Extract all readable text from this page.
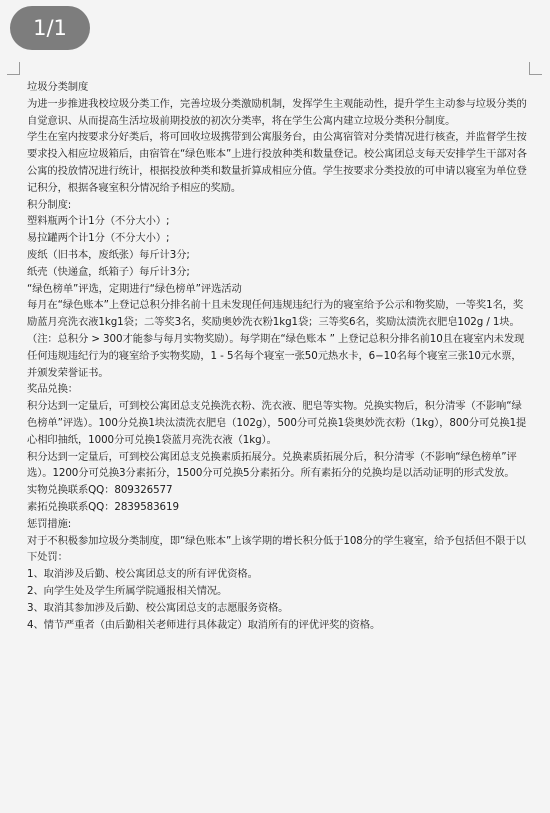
1/1

垃圾分类制度

为进一步推进我校垃圾分类工作，完善垃圾分类激励机制，发挥学生主观能动性，提升学生主动参与垃圾分类的自觉意识、从而提高生活垃圾前期投放的初次分类率，将在学生公寓内建立垃圾分类积分制度。

学生在室内按要求分好类后，将可回收垃圾携带到公寓服务台，由公寓宿管对分类情况进行核查，并监督学生按要求投入相应垃圾箱后，由宿管在“绿色账本”上进行投放种类和数量登记。校公寓团总支每天安排学生干部对各公寓的投放情况进行统计，根据投放种类和数量折算成相应分值。学生按要求分类投放的可申请以寝室为单位登记积分，根据各寝室积分情况给予相应的奖励。

积分制度:

塑料瓶两个计1分（不分大小）;

易拉罐两个计1分（不分大小）;

废纸（旧书本，废纸张）每斤计3分;

纸壳（快递盒，纸箱子）每斤计3分;

“绿色榜单”评选，定期进行“绿色榜单”评选活动

每月在“绿色账本”上登记总积分排名前十且未发现任何违规违纪行为的寝室给予公示和物奖励，一等奖1名，奖励蓝月亮洗衣液1kg1袋；二等奖3名，奖励奥妙洗衣粉1kg1袋；三等奖6名，奖励汰渍洗衣肥皂102g / 1块。（注：总积分 > 300才能参与每月实物奖励）。每学期在“绿色账本 ” 上登记总积分排名前10且在寝室内未发现任何违规违纪行为的寝室给予实物奖励，1 - 5名每个寝室一张50元热水卡，6−10名每个寝室三张10元水票，并颁发荣誉证书。

奖品兑换：

积分达到一定量后，可到校公寓团总支兑换洗衣粉、洗衣液、肥皂等实物。兑换实物后，积分清零（不影响“绿色榜单”评选）。100分兑换1块汰渍洗衣肥皂（102g），500分可兑换1袋奥妙洗衣粉（1kg），800分可兑换1提心相印抽纸，1000分可兑换1袋蓝月亮洗衣液（1kg）。

积分达到一定量后，可到校公寓团总支兑换素质拓展分。兑换素质拓展分后，积分清零（不影响“绿色榜单”评选）。1200分可兑换3分素拓分，1500分可兑换5分素拓分。所有素拓分的兑换均是以活动证明的形式发放。

实物兑换联系QQ：809326577

素拓兑换联系QQ：2839583619

惩罚措施:

对于不积极参加垃圾分类制度，即“绿色账本”上该学期的增长积分低于108分的学生寝室，给予包括但不限于以下处罚：

1、取消涉及后勤、校公寓团总支的所有评优资格。

2、向学生处及学生所属学院通报相关情况。

3、取消其参加涉及后勤、校公寓团总支的志愿服务资格。

4、情节严重者（由后勤相关老师进行具体裁定）取消所有的评优评奖的资格。
